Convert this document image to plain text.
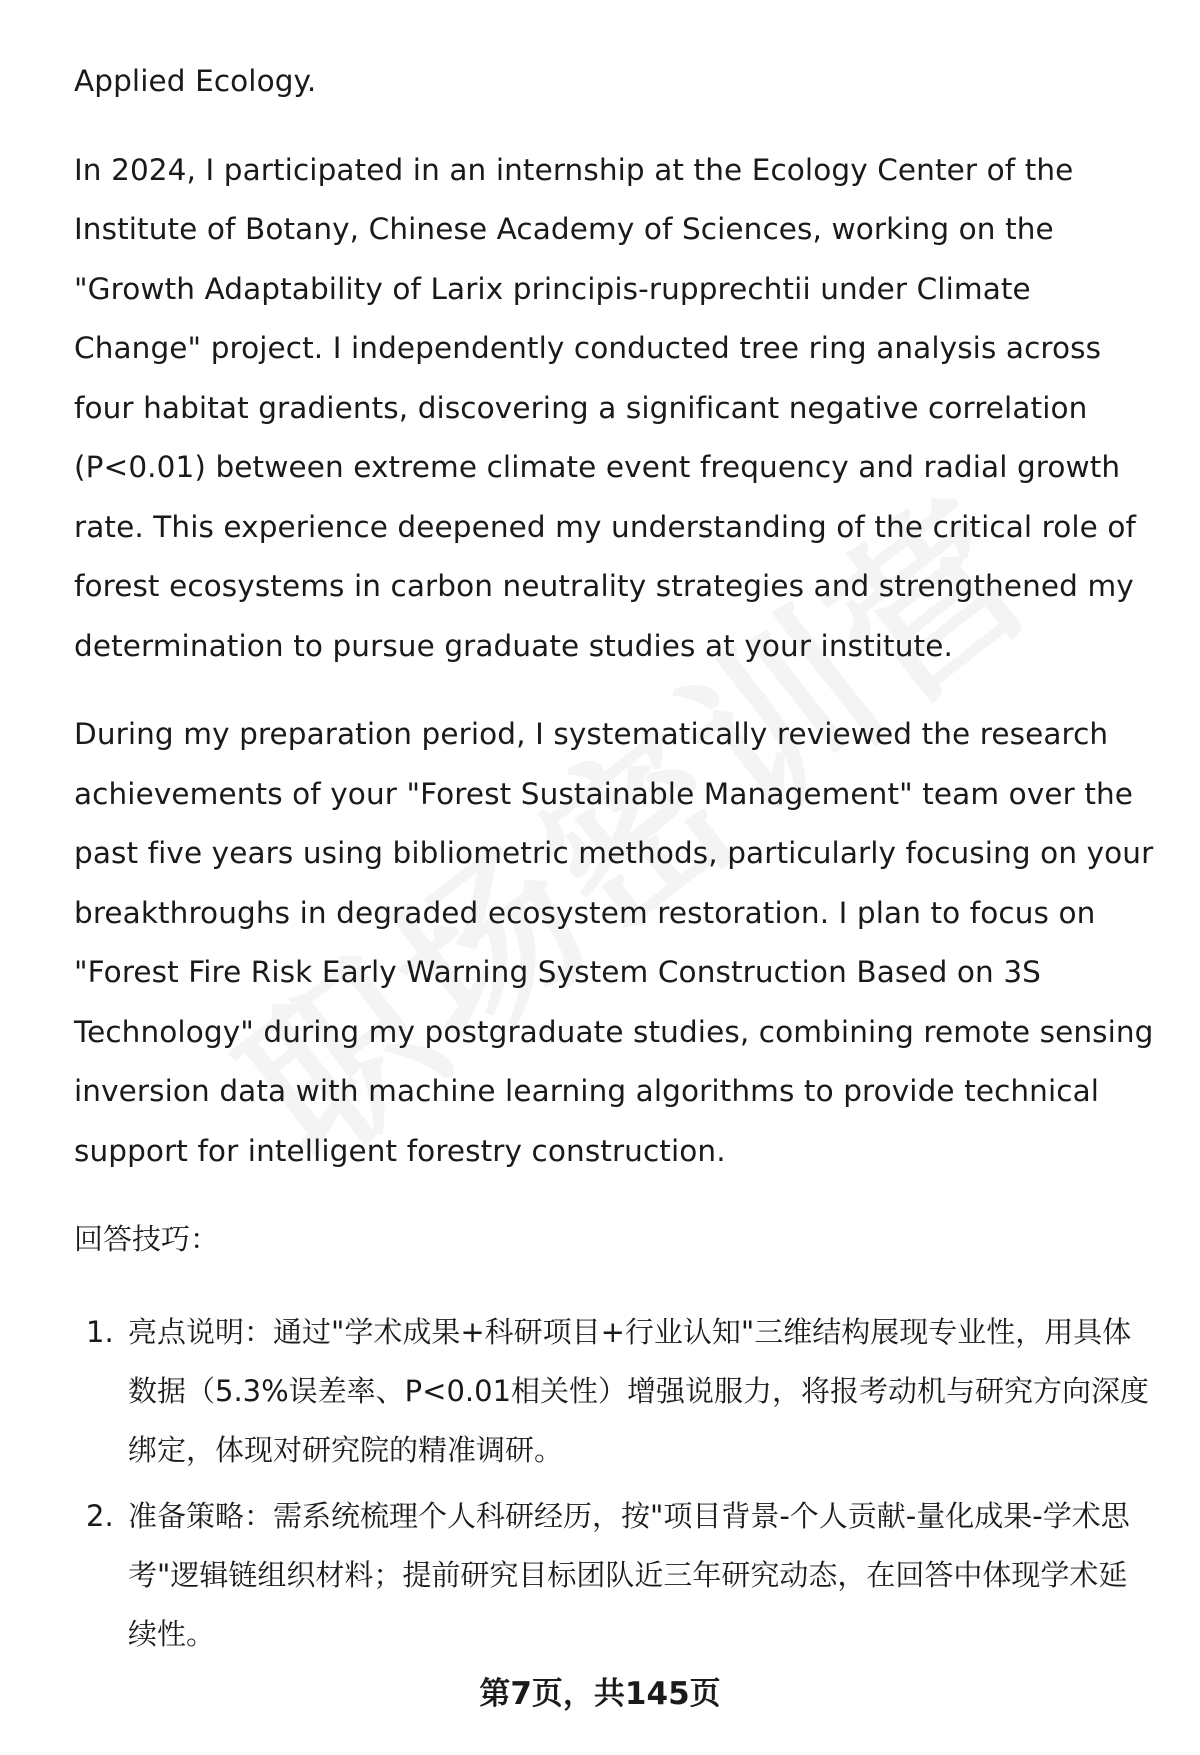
Applied Ecology.

In 2024, I participated in an internship at the Ecology Center of the Institute of Botany, Chinese Academy of Sciences, working on the "Growth Adaptability of Larix principis-rupprechtii under Climate Change" project. I independently conducted tree ring analysis across four habitat gradients, discovering a significant negative correlation (P<0.01) between extreme climate event frequency and radial growth rate. This experience deepened my understanding of the critical role of forest ecosystems in carbon neutrality strategies and strengthened my determination to pursue graduate studies at your institute.

During my preparation period, I systematically reviewed the research achievements of your "Forest Sustainable Management" team over the past five years using bibliometric methods, particularly focusing on your breakthroughs in degraded ecosystem restoration. I plan to focus on "Forest Fire Risk Early Warning System Construction Based on 3S Technology" during my postgraduate studies, combining remote sensing inversion data with machine learning algorithms to provide technical support for intelligent forestry construction.

回答技巧：
1. 亮点说明：通过"学术成果+科研项目+行业认知"三维结构展现专业性，用具体数据（5.3%误差率、P<0.01相关性）增强说服力，将报考动机与研究方向深度绑定，体现对研究院的精准调研。
2. 准备策略：需系统梳理个人科研经历，按"项目背景-个人贡献-量化成果-学术思考"逻辑链组织材料；提前研究目标团队近三年研究动态，在回答中体现学术延续性。
第7页，共145页
